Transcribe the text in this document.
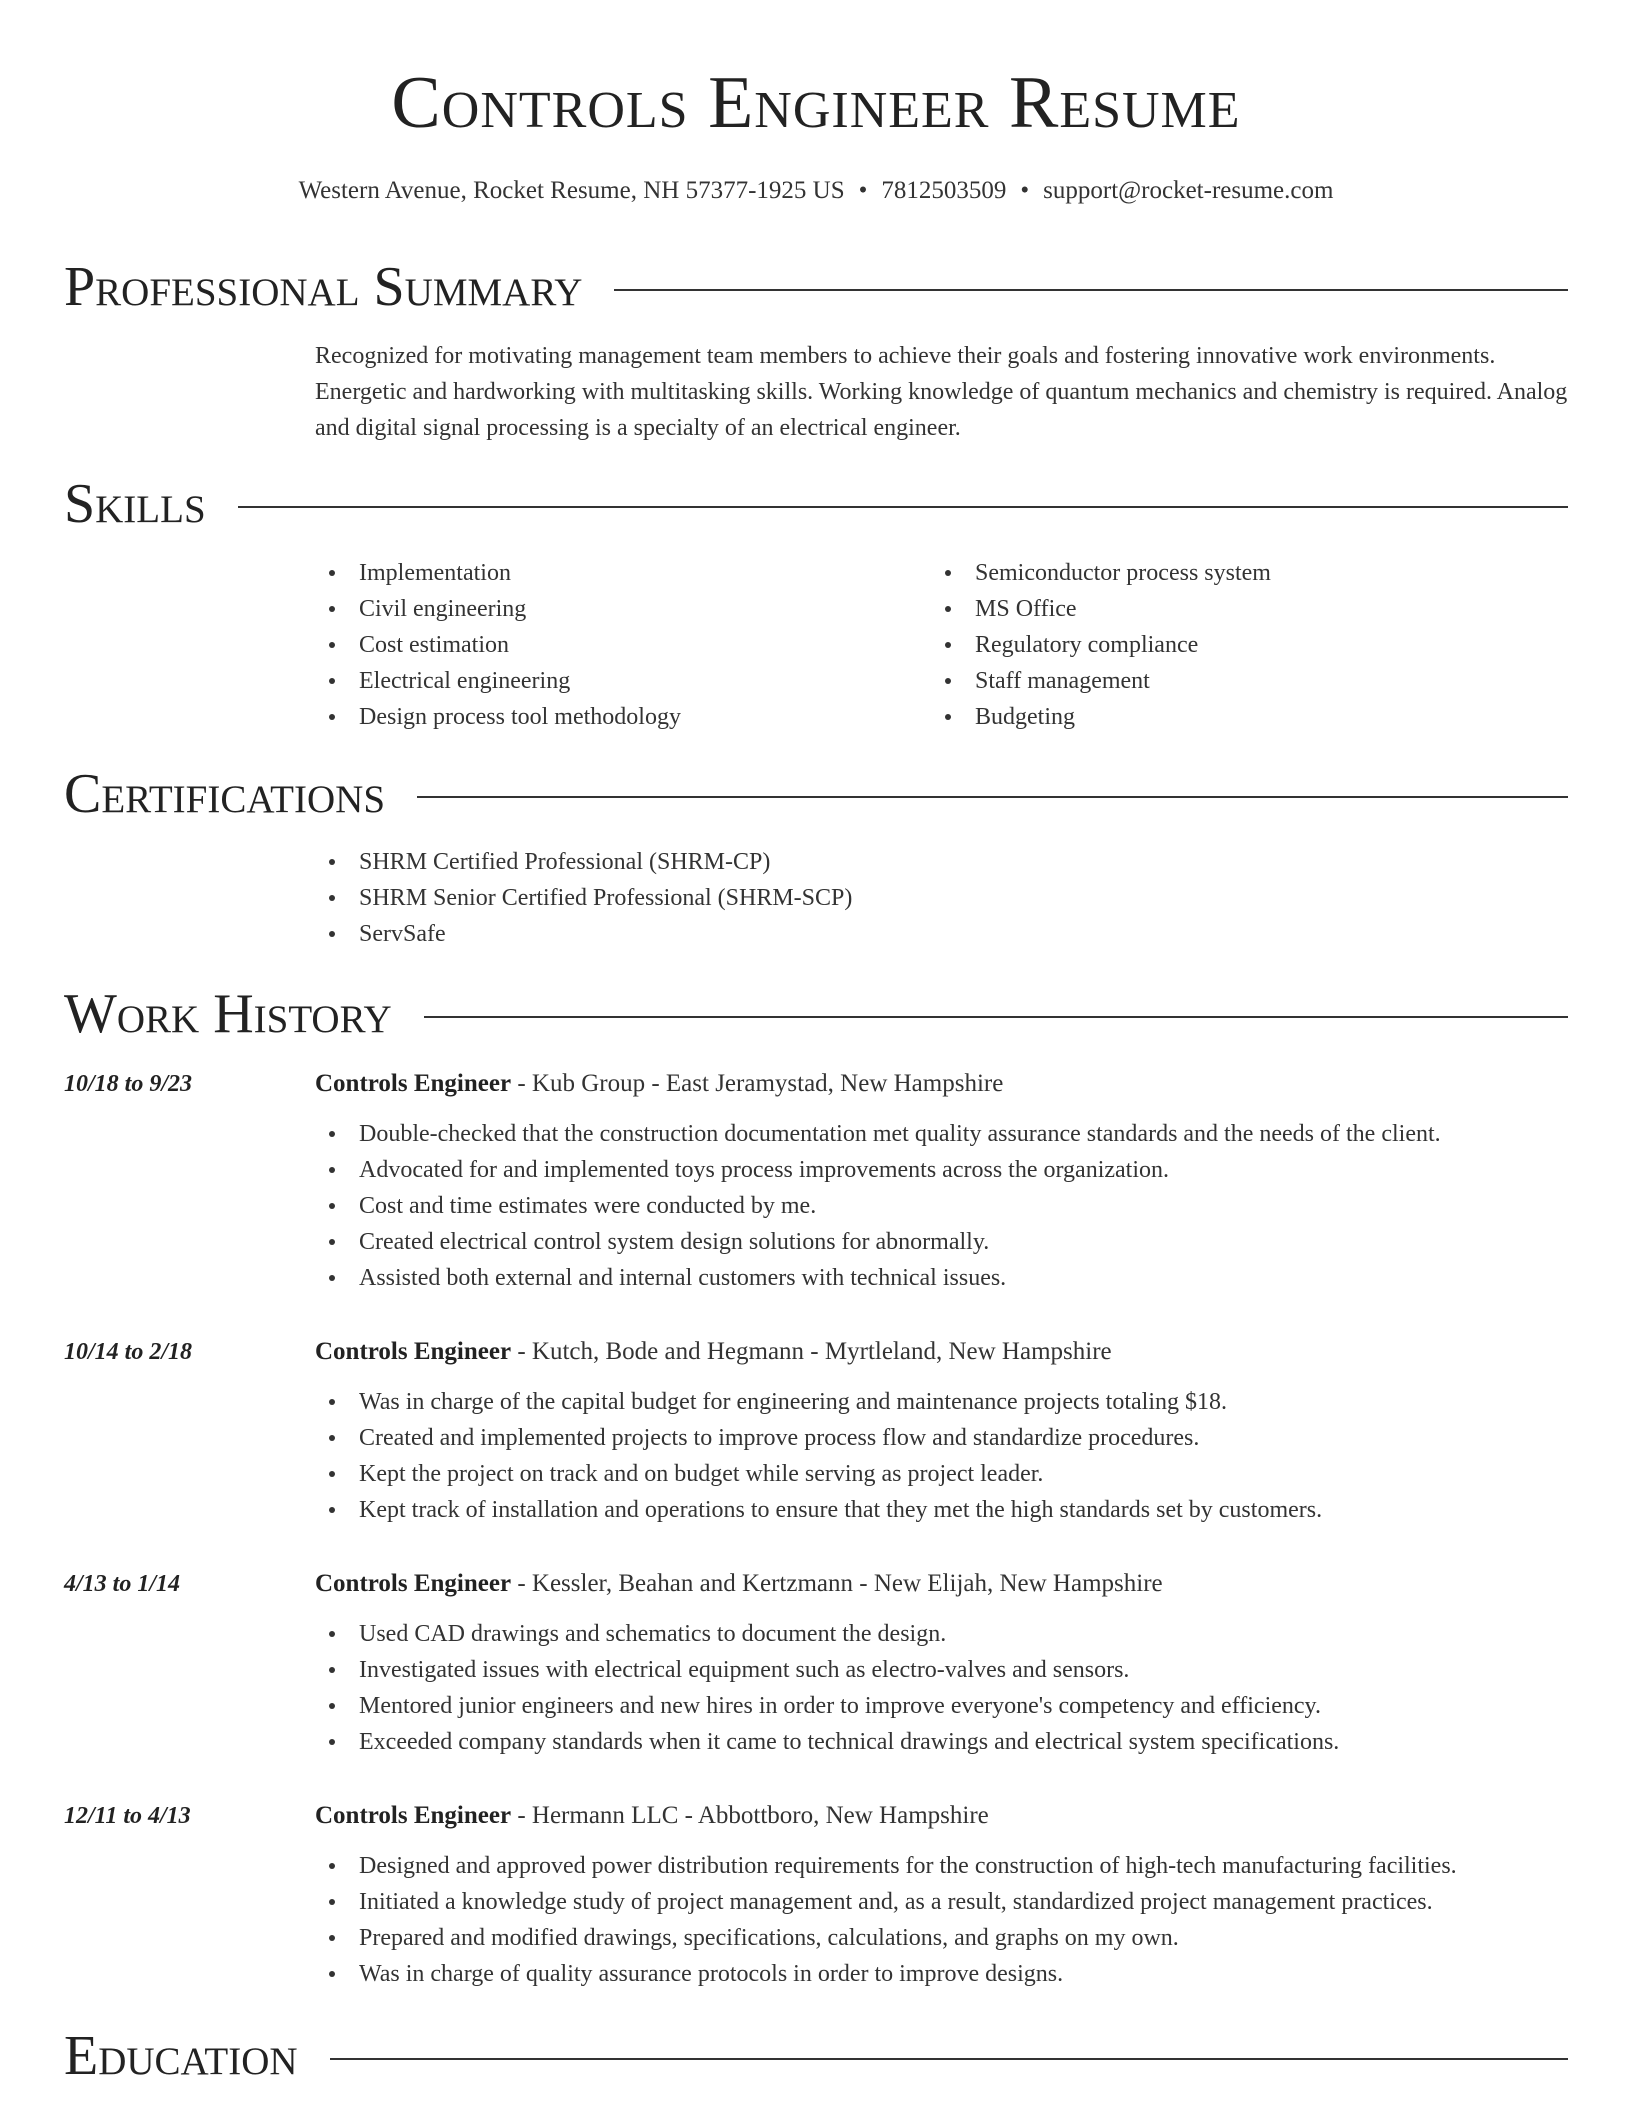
Controls Engineer Resume
Western Avenue, Rocket Resume, NH 57377-1925 US • 7812503509 • support@rocket-resume.com
Professional Summary

Recognized for motivating management team members to achieve their goals and fostering innovative work environments. Energetic and hardworking with multitasking skills. Working knowledge of quantum mechanics and chemistry is required. Analog and digital signal processing is a specialty of an electrical engineer.

Skills
Implementation
Civil engineering
Cost estimation
Electrical engineering
Design process tool methodology
Semiconductor process system
MS Office
Regulatory compliance
Staff management
Budgeting
Certifications
SHRM Certified Professional (SHRM-CP)
SHRM Senior Certified Professional (SHRM-SCP)
ServSafe
Work History
10/18 to 9/23	Controls Engineer - Kub Group - East Jeramystad, New Hampshire
Double-checked that the construction documentation met quality assurance standards and the needs of the client.
Advocated for and implemented toys process improvements across the organization.
Cost and time estimates were conducted by me.
Created electrical control system design solutions for abnormally.
Assisted both external and internal customers with technical issues.
10/14 to 2/18	Controls Engineer - Kutch, Bode and Hegmann - Myrtleland, New Hampshire
Was in charge of the capital budget for engineering and maintenance projects totaling $18.
Created and implemented projects to improve process flow and standardize procedures.
Kept the project on track and on budget while serving as project leader.
Kept track of installation and operations to ensure that they met the high standards set by customers.
4/13 to 1/14	Controls Engineer - Kessler, Beahan and Kertzmann - New Elijah, New Hampshire
Used CAD drawings and schematics to document the design.
Investigated issues with electrical equipment such as electro-valves and sensors.
Mentored junior engineers and new hires in order to improve everyone's competency and efficiency.
Exceeded company standards when it came to technical drawings and electrical system specifications.
12/11 to 4/13	Controls Engineer - Hermann LLC - Abbottboro, New Hampshire
Designed and approved power distribution requirements for the construction of high-tech manufacturing facilities.
Initiated a knowledge study of project management and, as a result, standardized project management practices.
Prepared and modified drawings, specifications, calculations, and graphs on my own.
Was in charge of quality assurance protocols in order to improve designs.
Education
